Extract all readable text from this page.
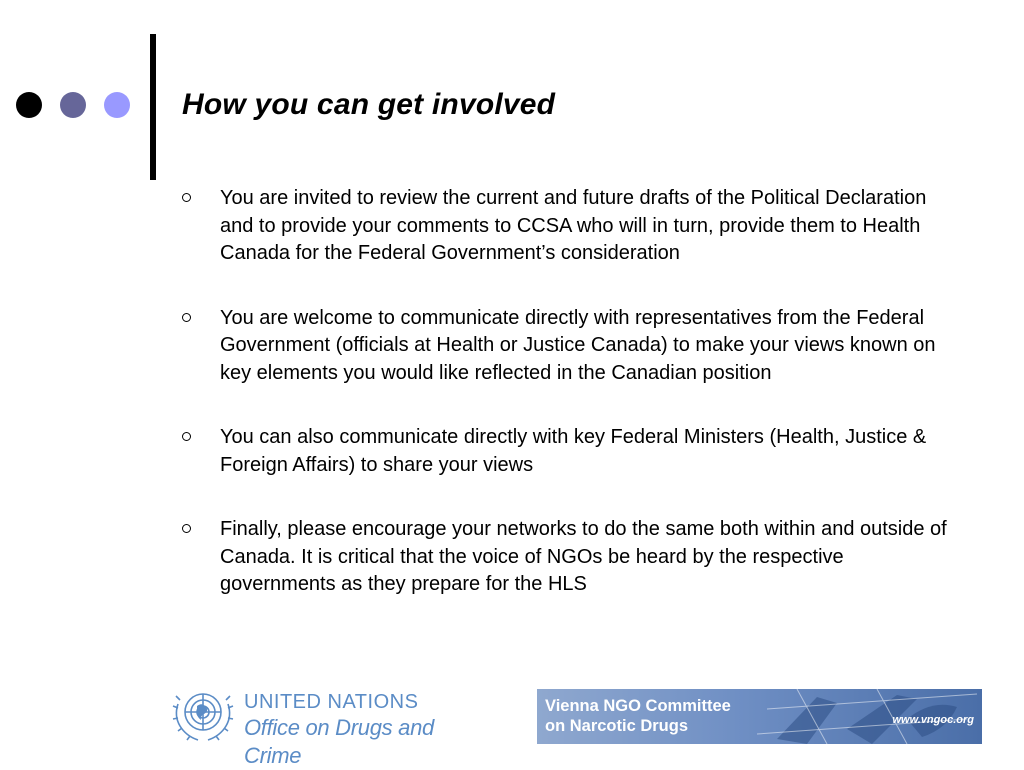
How you can get involved
You are invited to review the current and future drafts of the Political Declaration and to provide your comments to CCSA who will in turn, provide them to Health Canada for the Federal Government’s consideration
You are welcome to communicate directly with representatives from the Federal Government (officials at Health or Justice Canada) to make your views known on key elements you would like reflected in the Canadian position
You can also communicate directly with key Federal Ministers (Health, Justice & Foreign Affairs) to share your views
Finally, please encourage your networks to do the same both within and outside of Canada. It is critical that the voice of NGOs be heard by the respective governments as they prepare for the HLS
UNITED NATIONS
Office on Drugs and Crime
Vienna NGO Committee
on Narcotic Drugs	www.vngoc.org
